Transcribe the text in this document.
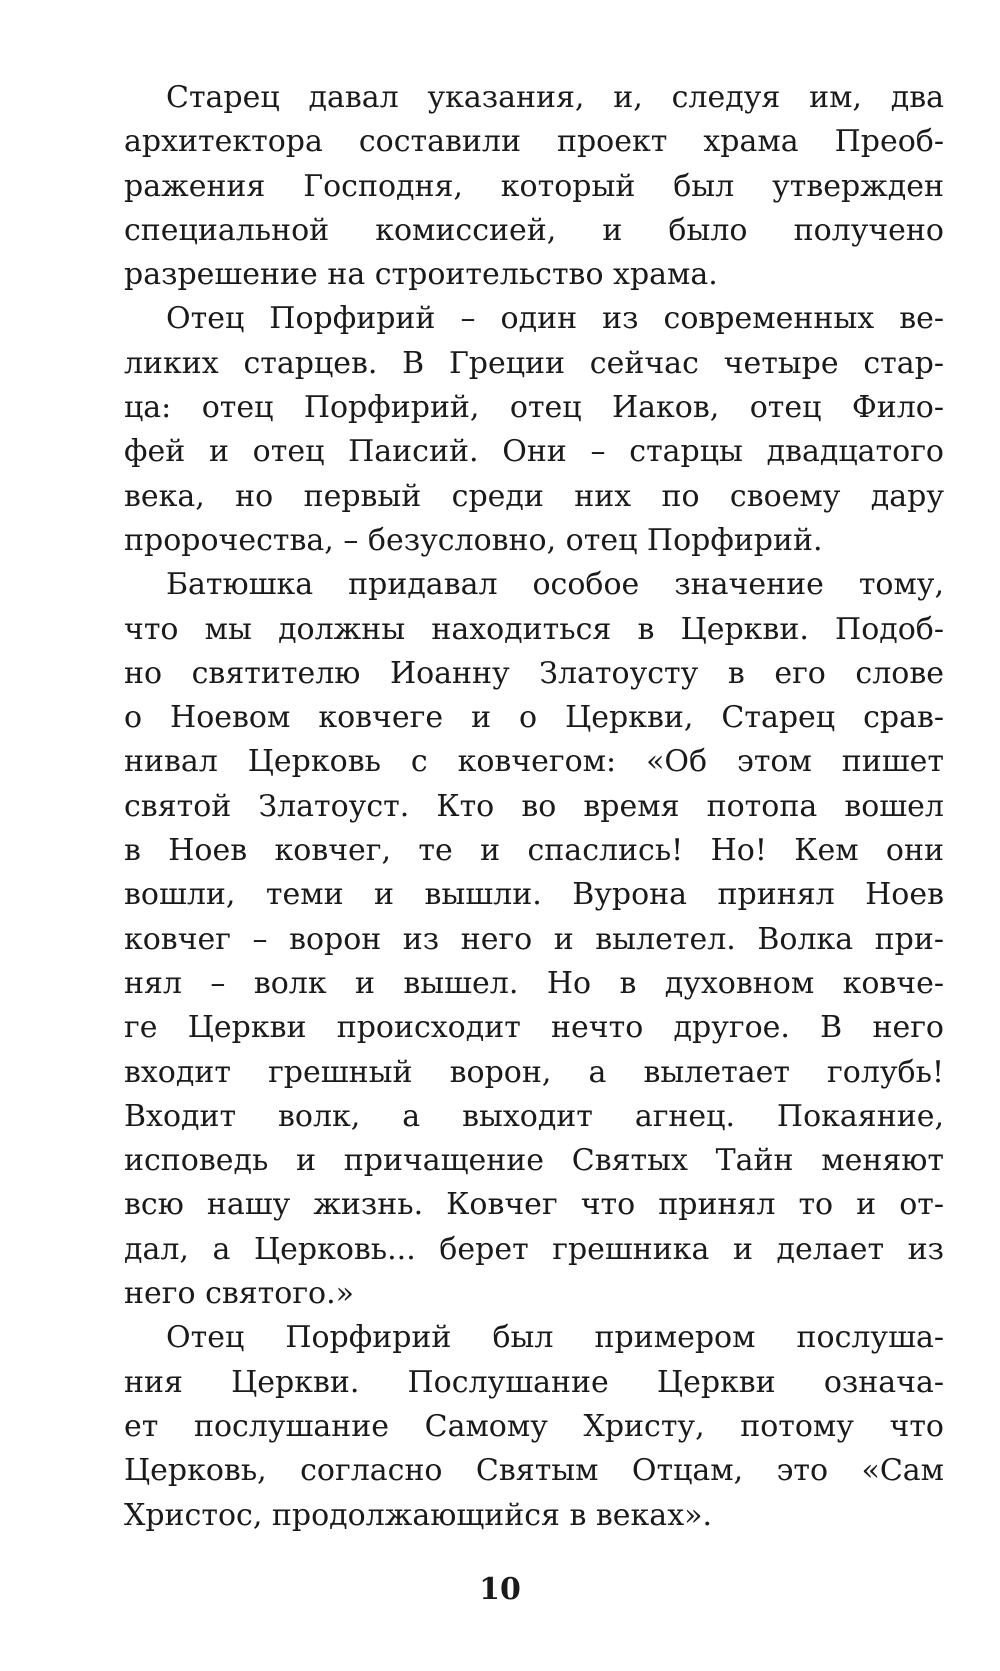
Старец давал указания, и, следуя им, два
архитектора составили проект храма Преоб-
ражения Господня, который был утвержден
специальной комиссией, и было получено
разрешение на строительство храма.
Отец Порфирий – один из современных ве-
ликих старцев. В Греции сейчас четыре стар-
ца: отец Порфирий, отец Иаков, отец Фило-
фей и отец Паисий. Они – старцы двадцатого
века, но первый среди них по своему дару
пророчества, – безусловно, отец Порфирий.
Батюшка придавал особое значение тому,
что мы должны находиться в Церкви. Подоб-
но святителю Иоанну Златоусту в его слове
о Ноевом ковчеге и о Церкви, Старец срав-
нивал Церковь с ковчегом: «Об этом пишет
святой Златоуст. Кто во время потопа вошел
в Ноев ковчег, те и спаслись! Но! Кем они
вошли, теми и вышли. Вурона принял Ноев
ковчег – ворон из него и вылетел. Волка при-
нял – волк и вышел. Но в духовном ковче-
ге Церкви происходит нечто другое. В него
входит грешный ворон, а вылетает голубь!
Входит волк, а выходит агнец. Покаяние,
исповедь и причащение Святых Тайн меняют
всю нашу жизнь. Ковчег что принял то и от-
дал, а Церковь... берет грешника и делает из
него святого.»
Отец Порфирий был примером послуша-
ния Церкви. Послушание Церкви означа-
ет послушание Самому Христу, потому что
Церковь, согласно Святым Отцам, это «Сам
Христос, продолжающийся в веках».
10
